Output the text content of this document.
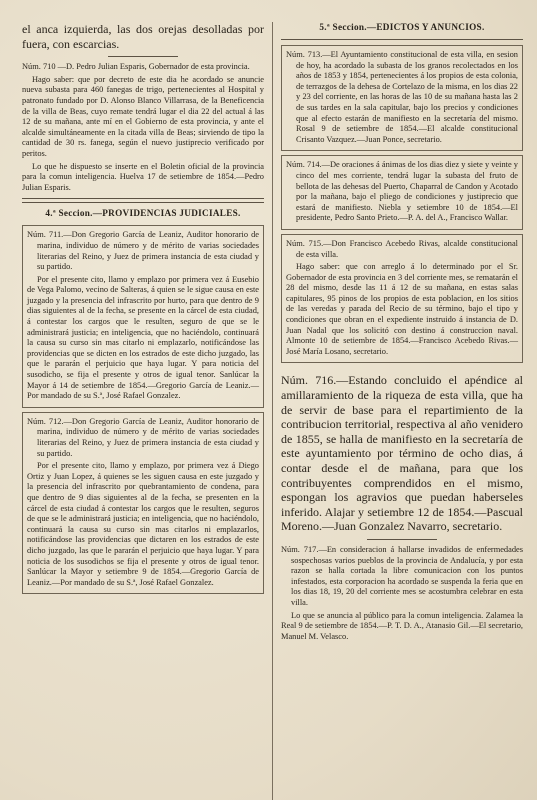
el anca izquierda, las dos orejas desolladas por fuera, con escarcias.

Núm. 710 —D. Pedro Julian Esparis, Gobernador de esta provincia.

Hago saber: que por decreto de este dia he acordado se anuncie nueva subasta para 460 fanegas de trigo, pertenecientes al Hospital y patronato fundado por D. Alonso Blanco Villarrasa, de la Beneficencia de la villa de Beas, cuyo remate tendrá lugar el dia 22 del actual á las 12 de su mañana, ante mí en el Gobierno de esta provincia, y ante el alcalde simultáneamente en la citada villa de Beas; sirviendo de tipo la cantidad de 30 rs. fanega, según el nuevo justiprecio verificado por peritos.

Lo que he dispuesto se inserte en el Boletin oficial de la provincia para la comun inteligencia. Huelva 17 de setiembre de 1854.—Pedro Julian Esparis.

4.ª Seccion.—PROVIDENCIAS JUDICIALES.

Núm. 711.—Don Gregorio García de Leaniz, Auditor honorario de marina, individuo de número y de mérito de varias sociedades literarias del Reino, y Juez de primera instancia de esta ciudad y su partido.

Por el presente cito, llamo y emplazo por primera vez á Eusebio de Vega Palomo, vecino de Salteras, á quien se le sigue causa en este juzgado y la presencia del infrascrito por hurto, para que dentro de 9 dias siguientes al de la fecha, se presente en la cárcel de esta ciudad, á contestar los cargos que le resulten, seguro de que se le administrará justicia; en inteligencia, que no haciéndolo, continuará la causa su curso sin mas citarlo ni emplazarlo, notificándose las providencias que se dicten en los estrados de este dicho juzgado, las que le pararán el perjuicio que haya lugar. Y para noticia del susodicho, se fija el presente y otros de igual tenor. Sanlúcar la Mayor á 14 de setiembre de 1854.—Gregorio García de Leaniz.—Por mandado de su S.ª, José Rafael Gonzalez.

Núm. 712.—Don Gregorio García de Leaniz, Auditor honorario de marina, individuo de número y de mérito de varias sociedades literarias del Reino, y Juez de primera instancia de esta ciudad y su partido.

Por el presente cito, llamo y emplazo, por primera vez á Diego Ortiz y Juan Lopez, á quienes se les siguen causa en este juzgado y la presencia del infrascrito por quebrantamiento de condena, para que dentro de 9 dias siguientes al de la fecha, se presenten en la cárcel de esta ciudad á contestar los cargos que le resulten, seguros de que se le administrará justicia; en inteligencia, que no haciéndolo, continuará la causa su curso sin mas citarlos ni emplazarlos, notificándose las providencias que dictaren en los estrados de este dicho juzgado, las que le pararán el perjuicio que haya lugar. Y para noticia de los susodichos se fija el presente y otros de igual tenor. Sanlúcar la Mayor y setiembre 9 de 1854.—Gregorio García de Leaniz.—Por mandado de su S.ª, José Rafael Gonzalez.

5.ª Seccion.—EDICTOS Y ANUNCIOS.

Núm. 713.—El Ayuntamiento constitucional de esta villa, en sesion de hoy, ha acordado la subasta de los granos recolectados en los años de 1853 y 1854, pertenecientes á los propios de esta colonia, de terrazgos de la dehesa de Cortelazo de la misma, en los dias 22 y 23 del corriente, en las horas de las 10 de su mañana hasta las 2 de sus tardes en la sala capitular, bajo los precios y condiciones que al efecto estarán de manifiesto en la secretaría del mismo. Rosal 9 de setiembre de 1854.—El alcalde constitucional Crisanto Vazquez.—Juan Ponce, secretario.

Núm. 714.—De oraciones á ánimas de los dias diez y siete y veinte y cinco del mes corriente, tendrá lugar la subasta del fruto de bellota de las dehesas del Puerto, Chaparral de Candon y Acotado por la mañana, bajo el pliego de condiciones y justiprecio que estará de manifiesto. Niebla y setiembre 10 de 1854.—El presidente, Pedro Santo Prieto.—P. A. del A., Francisco Wallar.

Núm. 715.—Don Francisco Acebedo Rivas, alcalde constitucional de esta villa.

Hago saber: que con arreglo á lo determinado por el Sr. Gobernador de esta provincia en 3 del corriente mes, se rematarán el 28 del mismo, desde las 11 á 12 de su mañana, en estas salas capitulares, 95 pinos de los propios de esta poblacion, en los sitios de las veredas y parada del Recio de su término, bajo el tipo y condiciones que obran en el expediente instruido á instancia de D. Juan Nadal que los solicitó con destino á construccion naval. Almonte 10 de setiembre de 1854.—Francisco Acebedo Rivas.—José María Losano, secretario.

Núm. 716.—Estando concluido el apéndice al amillaramiento de la riqueza de esta villa, que ha de servir de base para el repartimiento de la contribucion territorial, respectiva al año venidero de 1855, se halla de manifiesto en la secretaría de este ayuntamiento por término de ocho dias, á contar desde el de mañana, para que los contribuyentes comprendidos en el mismo, espongan los agravios que puedan haberseles inferido. Alajar y setiembre 12 de 1854.—Pascual Moreno.—Juan Gonzalez Navarro, secretario.

Núm. 717.—En consideracion á hallarse invadidos de enfermedades sospechosas varios pueblos de la provincia de Andalucía, y por esta razon se halla cortada la libre comunicacion con los puntos infestados, esta corporacion ha acordado se suspenda la feria que en los dias 18, 19, 20 del corriente mes se acostumbra celebrar en esta villa.

Lo que se anuncia al público para la comun inteligencia. Zalamea la Real 9 de setiembre de 1854.—P. T. D. A., Atanasio Gil.—El secretario, Manuel M. Velasco.
